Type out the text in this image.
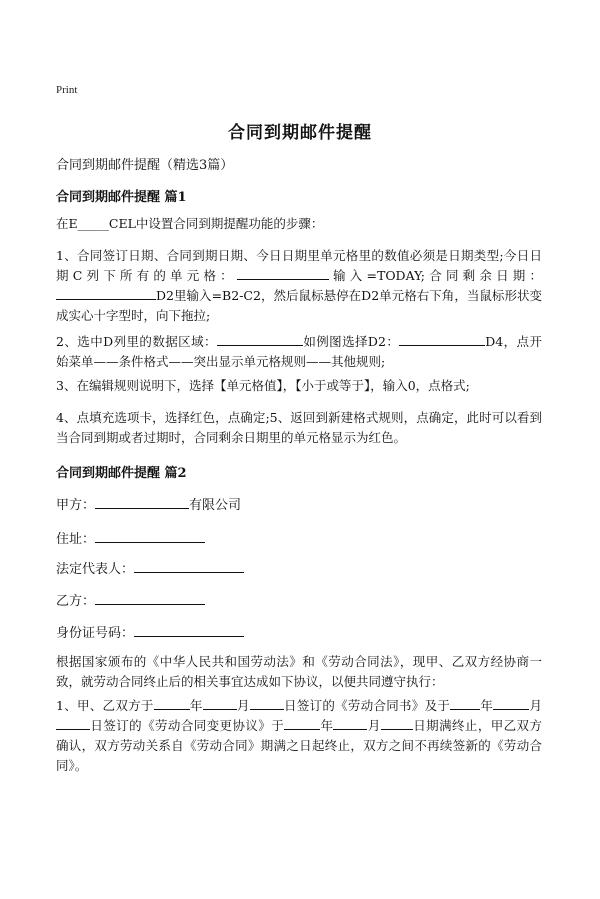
Print
合同到期邮件提醒
合同到期邮件提醒（精选3篇）
合同到期邮件提醒 篇1
在E_____CEL中设置合同到期提醒功能的步骤：
1、合同签订日期、合同到期日期、今日日期里单元格里的数值必须是日期类型;今日日期C列下所有的单元格：	输入=TODAY;合同剩余日期：D2里输入=B2-C2，然后鼠标悬停在D2单元格右下角，当鼠标形状变成实心十字型时，向下拖拉;
2、选中D列里的数据区域：	如例图选择D2：	D4，点开始菜单——条件格式——突出显示单元格规则——其他规则;
3、在编辑规则说明下，选择【单元格值】，【小于或等于】，输入0，点格式;
4、点填充选项卡，选择红色，点确定;5、返回到新建格式规则，点确定，此时可以看到当合同到期或者过期时，合同剩余日期里的单元格显示为红色。
合同到期邮件提醒 篇2
甲方：	有限公司
住址：
法定代表人：
乙方：
身份证号码：
根据国家颁布的《中华人民共和国劳动法》和《劳动合同法》，现甲、乙双方经协商一致，就劳动合同终止后的相关事宜达成如下协议，以便共同遵守执行：
1、甲、乙双方于	年	月	日签订的《劳动合同书》及于 年	月日签订的《劳动合同变更协议》于	年	月	日期满终止，甲乙双方确认，双方劳动关系自《劳动合同》期满之日起终止，双方之间不再续签新的《劳动合同》。
